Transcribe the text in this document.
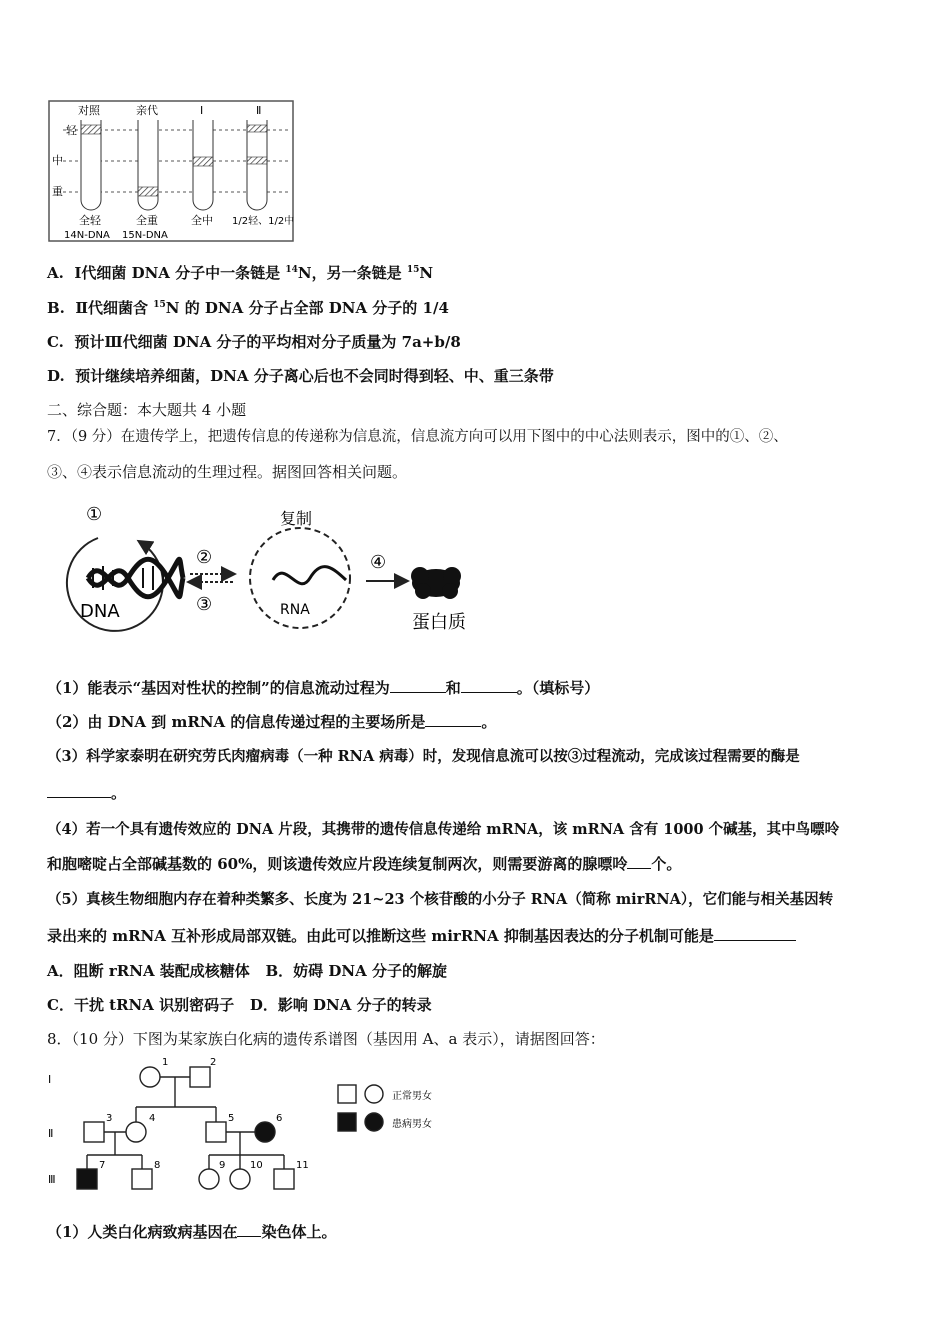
轻
中
重
对照
全轻
亲代
全重
Ⅰ
全中
Ⅱ
1/2轻、1/2中
14N-DNA 15N-DNA
A. Ⅰ代细菌 DNA 分子中一条链是 $^{14}$N，另一条链是 $^{15}$N
B. Ⅱ代细菌含 $^{15}$N 的 DNA 分子占全部 DNA 分子的 1/4
C. 预计Ⅲ代细菌 DNA 分子的平均相对分子质量为 7a+b/8
D. 预计继续培养细菌，DNA 分子离心后也不会同时得到轻、中、重三条带
二、综合题：本大题共 4 小题
7．（9 分）在遗传学上，把遗传信息的传递称为信息流，信息流方向可以用下图中的中心法则表示，图中的①、②、
③、④表示信息流动的生理过程。据图回答相关问题。
①
DNA
②
③
复制
RNA
④
蛋白质
（1）能表示“基因对性状的控制”的信息流动过程为	和	。（填标号）
（2）由 DNA 到 mRNA 的信息传递过程的主要场所是	。
（3）科学家泰明在研究劳氏肉瘤病毒（一种 RNA 病毒）时，发现信息流可以按③过程流动，完成该过程需要的酶是
。
（4）若一个具有遗传效应的 DNA 片段，其携带的遗传信息传递给 mRNA，该 mRNA 含有 1000 个碱基，其中鸟嘌呤
和胞嘧啶占全部碱基数的 60%，则该遗传效应片段连续复制两次，则需要游离的腺嘌呤 个。
（5）真核生物细胞内存在着种类繁多、长度为 21~23 个核苷酸的小分子 RNA（简称 mirRNA），它们能与相关基因转
录出来的 mRNA 互补形成局部双链。由此可以推断这些 mirRNA 抑制基因表达的分子机制可能是
A．阻断 rRNA 装配成核糖体 B．妨碍 DNA 分子的解旋
C．干扰 tRNA 识别密码子 D．影响 DNA 分子的转录
8．（10 分）下图为某家族白化病的遗传系谱图（基因用 A、a 表示），请据图回答：
Ⅰ
Ⅱ
Ⅲ
1	2
3	4	5	6
7	8	9 10	11
正常男女
患病男女
（1）人类白化病致病基因在 染色体上。
